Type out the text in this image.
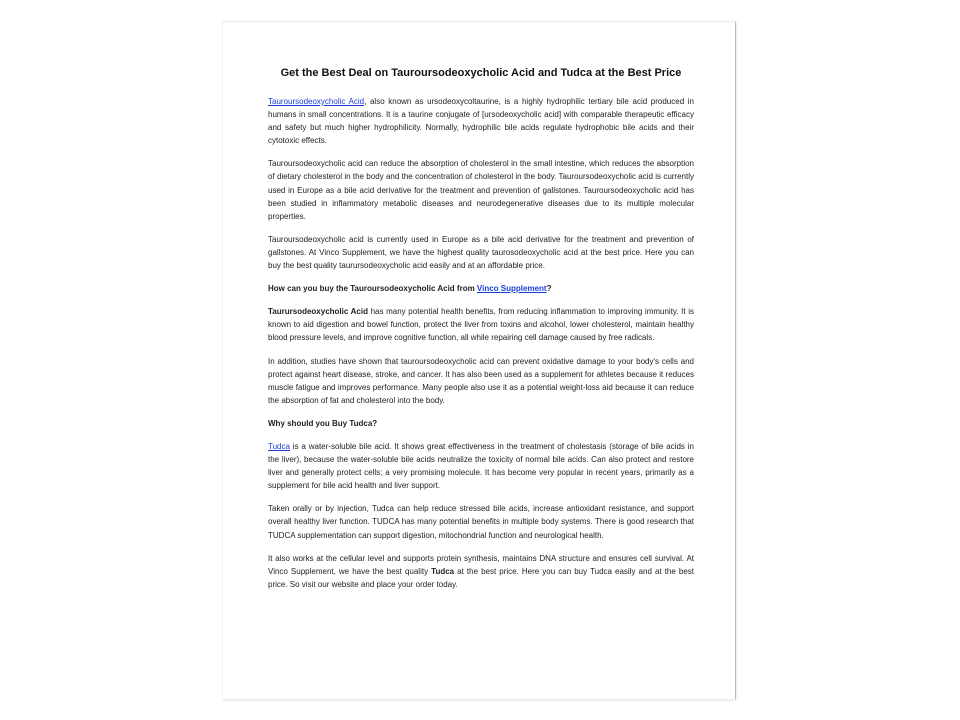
Get the Best Deal on Tauroursodeoxycholic Acid and Tudca at the Best Price

Tauroursodeoxycholic Acid, also known as ursodeoxycoltaurine, is a highly hydrophilic tertiary bile acid produced in humans in small concentrations. It is a taurine conjugate of [ursodeoxycholic acid] with comparable therapeutic efficacy and safety but much higher hydrophilicity. Normally, hydrophilic bile acids regulate hydrophobic bile acids and their cytotoxic effects.

Tauroursodeoxycholic acid can reduce the absorption of cholesterol in the small intestine, which reduces the absorption of dietary cholesterol in the body and the concentration of cholesterol in the body. Tauroursodeoxycholic acid is currently used in Europe as a bile acid derivative for the treatment and prevention of gallstones. Tauroursodeoxycholic acid has been studied in inflammatory metabolic diseases and neurodegenerative diseases due to its multiple molecular properties.

Tauroursodeoxycholic acid is currently used in Europe as a bile acid derivative for the treatment and prevention of gallstones. At Vinco Supplement, we have the highest quality taurosodeoxycholic acid at the best price. Here you can buy the best quality taurursodeoxycholic acid easily and at an affordable price.

How can you buy the Tauroursodeoxycholic Acid from Vinco Supplement?

Taurursodeoxycholic Acid has many potential health benefits, from reducing inflammation to improving immunity. It is known to aid digestion and bowel function, protect the liver from toxins and alcohol, lower cholesterol, maintain healthy blood pressure levels, and improve cognitive function, all while repairing cell damage caused by free radicals.

In addition, studies have shown that tauroursodeoxycholic acid can prevent oxidative damage to your body's cells and protect against heart disease, stroke, and cancer. It has also been used as a supplement for athletes because it reduces muscle fatigue and improves performance. Many people also use it as a potential weight-loss aid because it can reduce the absorption of fat and cholesterol into the body.

Why should you Buy Tudca?

Tudca is a water-soluble bile acid. It shows great effectiveness in the treatment of cholestasis (storage of bile acids in the liver), because the water-soluble bile acids neutralize the toxicity of normal bile acids. Can also protect and restore liver and generally protect cells; a very promising molecule. It has become very popular in recent years, primarily as a supplement for bile acid health and liver support.

Taken orally or by injection, Tudca can help reduce stressed bile acids, increase antioxidant resistance, and support overall healthy liver function. TUDCA has many potential benefits in multiple body systems. There is good research that TUDCA supplementation can support digestion, mitochondrial function and neurological health.

It also works at the cellular level and supports protein synthesis, maintains DNA structure and ensures cell survival. At Vinco Supplement, we have the best quality Tudca at the best price. Here you can buy Tudca easily and at the best price. So visit our website and place your order today.
